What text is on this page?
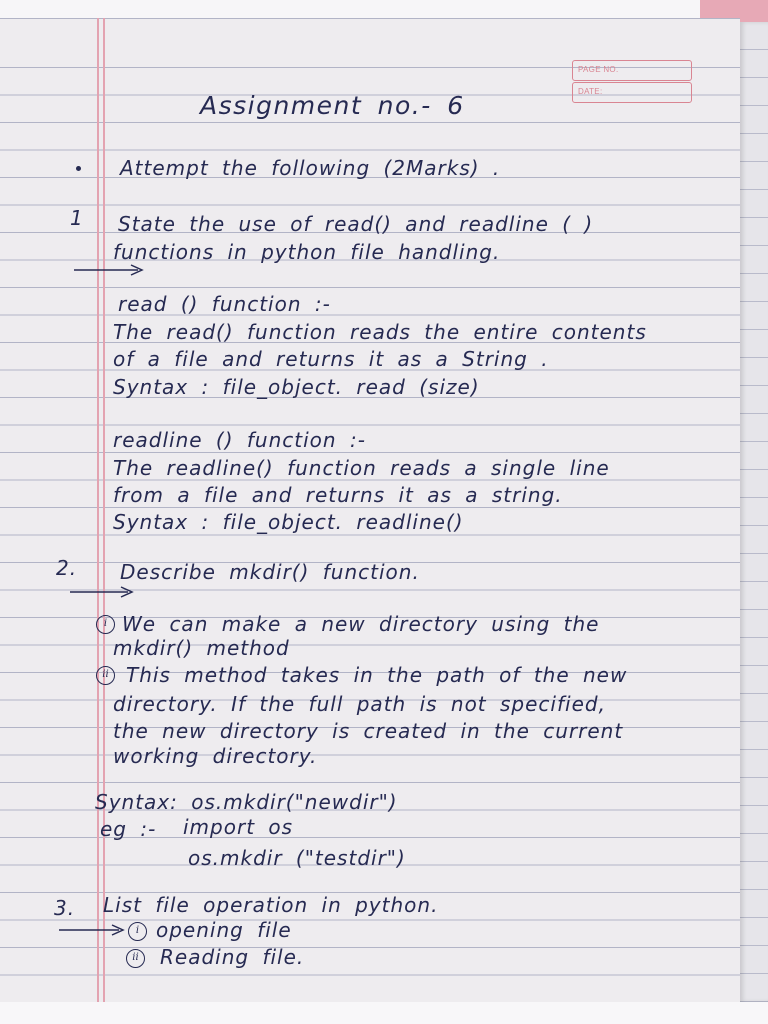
PAGE NO.
DATE:
Assignment no.- 6
Attempt the following (2Marks) .
1 State the use of read() and readline ( )
functions in python file handling.
read () function :-
The read() function reads the entire contents
of a file and returns it as a String .
Syntax : file_object. read (size)
readline () function :-
The readline() function reads a single line
from a file and returns it as a string.
Syntax : file_object. readline()
2. Describe mkdir() function.
i We can make a new directory using the
mkdir() method
ii This method takes in the path of the new
directory. If the full path is not specified,
the new directory is created in the current
working directory.
Syntax: os.mkdir("newdir")
eg :- import os
os.mkdir ("testdir")
3. List file operation in python.
i opening file
ii	Reading file.
